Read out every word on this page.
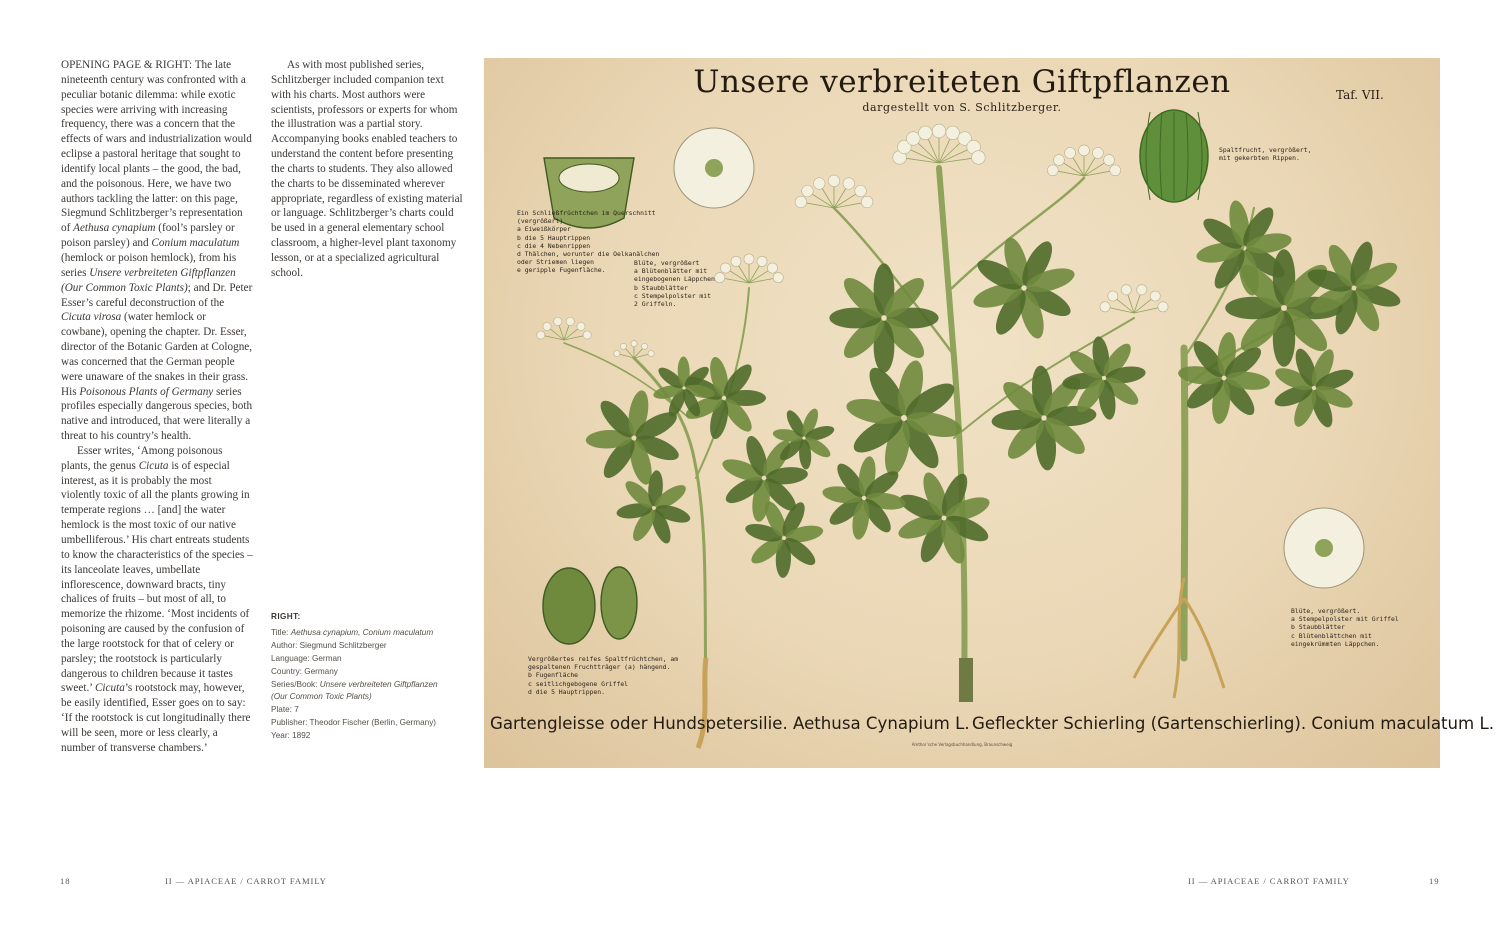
OPENING PAGE & RIGHT: The late nineteenth century was confronted with a peculiar botanic dilemma: while exotic species were arriving with increasing frequency, there was a concern that the effects of wars and industrialization would eclipse a pastoral heritage that sought to identify local plants – the good, the bad, and the poisonous. Here, we have two authors tackling the latter: on this page, Siegmund Schlitzberger’s representation of Aethusa cynapium (fool’s parsley or poison parsley) and Conium maculatum (hemlock or poison hemlock), from his series Unsere verbreiteten Giftpflanzen (Our Common Toxic Plants); and Dr. Peter Esser’s careful deconstruction of the Cicuta virosa (water hemlock or cowbane), opening the chapter. Dr. Esser, director of the Botanic Garden at Cologne, was concerned that the German people were unaware of the snakes in their grass. His Poisonous Plants of Germany series profiles especially dangerous species, both native and introduced, that were literally a threat to his country’s health.

Esser writes, ‘Among poisonous plants, the genus Cicuta is of especial interest, as it is probably the most violently toxic of all the plants growing in temperate regions … [and] the water hemlock is the most toxic of our native umbelliferous.’ His chart entreats students to know the characteristics of the species – its lanceolate leaves, umbellate inflorescence, downward bracts, tiny chalices of fruits – but most of all, to memorize the rhizome. ‘Most incidents of poisoning are caused by the confusion of the large rootstock for that of celery or parsley; the rootstock is particularly dangerous to children because it tastes sweet.’ Cicuta’s rootstock may, however, be easily identified, Esser goes on to say: ‘If the rootstock is cut longitudinally there will be seen, more or less clearly, a number of transverse chambers.’

As with most published series, Schlitzberger included companion text with his charts. Most authors were scientists, professors or experts for whom the illustration was a partial story. Accompanying books enabled teachers to understand the content before presenting the charts to students. They also allowed the charts to be disseminated wherever appropriate, regardless of existing material or language. Schlitzberger’s charts could be used in a general elementary school classroom, a higher-level plant taxonomy lesson, or at a specialized agricultural school.

RIGHT:
Title: Aethusa cynapium, Conium maculatum
Author: Siegmund Schlitzberger
Language: German
Country: Germany
Series/Book: Unsere verbreiteten Giftpflanzen
(Our Common Toxic Plants)
Plate: 7
Publisher: Theodor Fischer (Berlin, Germany)
Year: 1892
Unsere verbreiteten Giftpflanzen
dargestellt von S. Schlitzberger.
Taf. VII.
Ein Schließfrüchtchen im Querschnitt
(vergrößert)
a Eiweißkörper
b die 5 Hauptrippen
c die 4 Nebenrippen
d Thälchen, worunter die Oelkanälchen
oder Striemen liegen
e geripple Fugenfläche.
Blüte, vergrößert
a Blütenblätter mit
eingebogenen Läppchen
b Staubblätter
c Stempelpolster mit
2 Griffeln.
Spaltfrucht, vergrößert,
mit gekerbten Rippen.
Vergrößertes reifes Spaltfrüchtchen, am
gespaltenen Fruchtträger (a) hängend.
b Fugenfläche
c seitlichgebogene Griffel
d die 5 Hauptrippen.
Blüte, vergrößert.
a Stempelpolster mit Griffel
b Staubblätter
c Blütenblättchen mit
eingekrümmten Läppchen.
Gartengleisse oder Hundspetersilie. Aethusa Cynapium L. Gefleckter Schierling (Gartenschierling). Conium maculatum L.
Amthor’sche Verlagsbuchhandlung, Braunschweig
18	II — APIACEAE / CARROT FAMILY	II — APIACEAE / CARROT FAMILY	19
